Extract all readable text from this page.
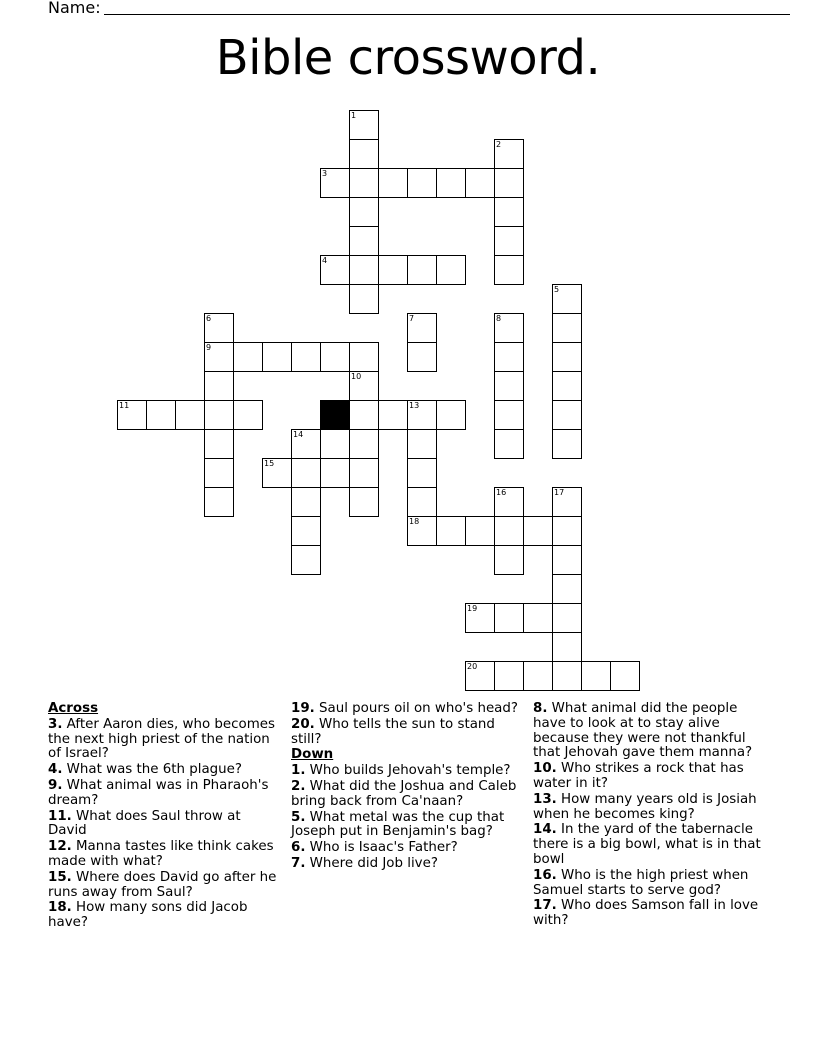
Name:
Bible crossword.
1
2
3
4
5
6
9
7	8
10
11	12	13
18
14
15
16	17
19
20

Across

3. After Aaron dies, who becomes the next high priest of the nation of Israel?

4. What was the 6th plague?

9. What animal was in Pharaoh's dream?

11. What does Saul throw at David

12. Manna tastes like think cakes made with what?

15. Where does David go after he runs away from Saul?

18. How many sons did Jacob have?

19. Saul pours oil on who's head?

20. Who tells the sun to stand still?

Down

1. Who builds Jehovah's temple?

2. What did the Joshua and Caleb bring back from Ca'naan?

5. What metal was the cup that Joseph put in Benjamin's bag?

6. Who is Isaac's Father?

7. Where did Job live?

8. What animal did the people have to look at to stay alive because they were not thankful that Jehovah gave them manna?

10. Who strikes a rock that has water in it?

13. How many years old is Josiah when he becomes king?

14. In the yard of the tabernacle there is a big bowl, what is in that bowl

16. Who is the high priest when Samuel starts to serve god?

17. Who does Samson fall in love with?
